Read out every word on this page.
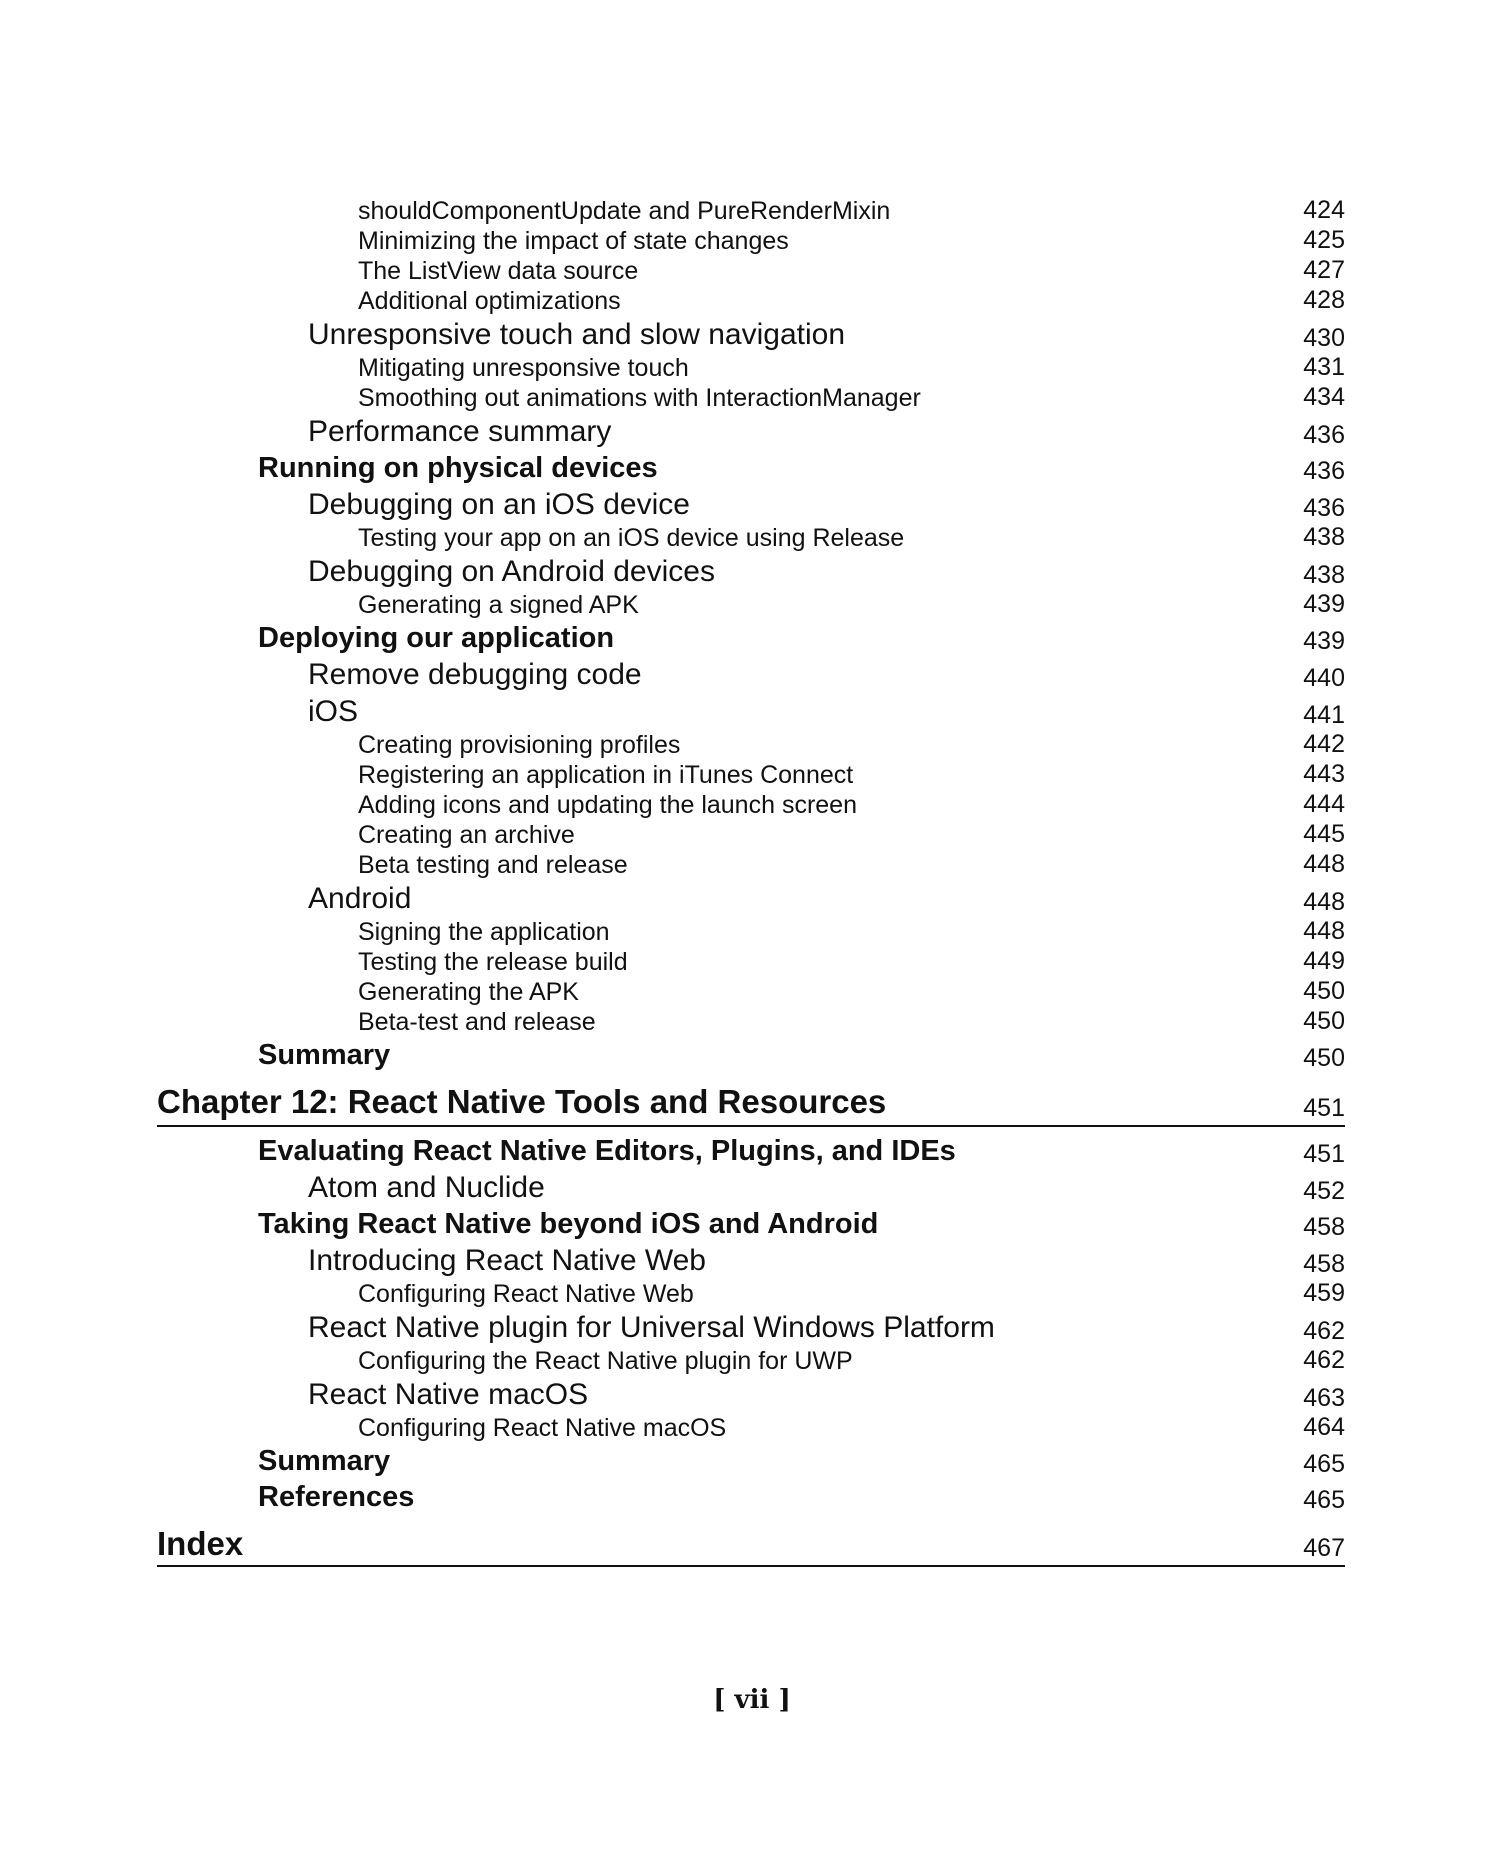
shouldComponentUpdate and PureRenderMixin	424
Minimizing the impact of state changes	425
The ListView data source	427
Additional optimizations	428
Unresponsive touch and slow navigation	430
Mitigating unresponsive touch	431
Smoothing out animations with InteractionManager	434
Performance summary	436
Running on physical devices	436
Debugging on an iOS device	436
Testing your app on an iOS device using Release	438
Debugging on Android devices	438
Generating a signed APK	439
Deploying our application	439
Remove debugging code	440
iOS	441
Creating provisioning profiles	442
Registering an application in iTunes Connect	443
Adding icons and updating the launch screen	444
Creating an archive	445
Beta testing and release	448
Android	448
Signing the application	448
Testing the release build	449
Generating the APK	450
Beta-test and release	450
Summary	450
Chapter 12: React Native Tools and Resources	451
Evaluating React Native Editors, Plugins, and IDEs	451
Atom and Nuclide	452
Taking React Native beyond iOS and Android	458
Introducing React Native Web	458
Configuring React Native Web	459
React Native plugin for Universal Windows Platform	462
Configuring the React Native plugin for UWP	462
React Native macOS	463
Configuring React Native macOS	464
Summary	465
References	465
Index	467
[ vii ]
